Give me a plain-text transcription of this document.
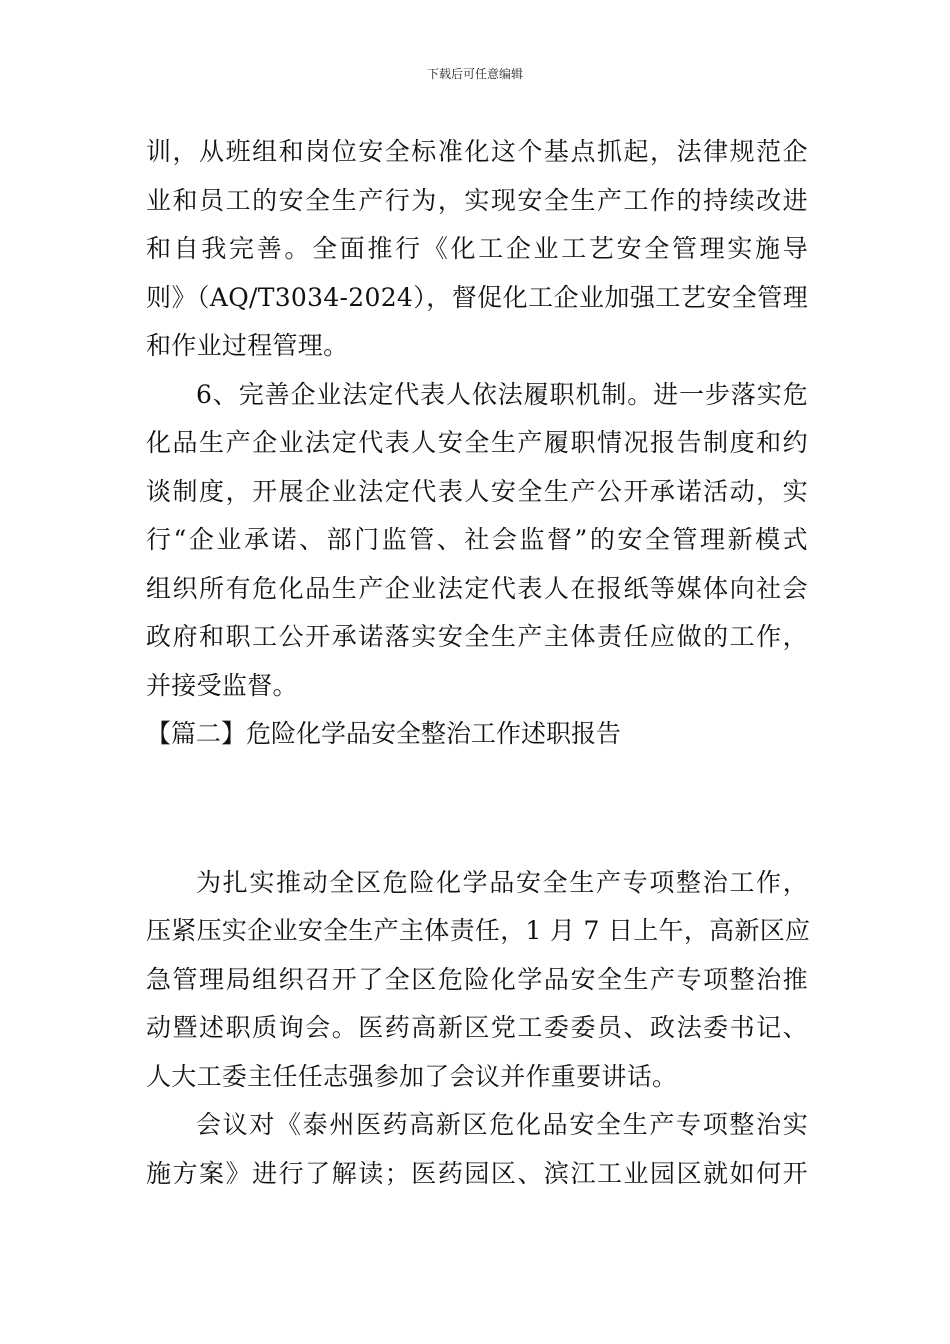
下载后可任意编辑
训，从班组和岗位安全标准化这个基点抓起，法律规范企
业和员工的安全生产行为，实现安全生产工作的持续改进
和自我完善。全面推行《化工企业工艺安全管理实施导
则》（AQ/T3034-2024），督促化工企业加强工艺安全管理
和作业过程管理。
6、完善企业法定代表人依法履职机制。进一步落实危
化品生产企业法定代表人安全生产履职情况报告制度和约
谈制度，开展企业法定代表人安全生产公开承诺活动，实
行“企业承诺、部门监管、社会监督”的安全管理新模式
组织所有危化品生产企业法定代表人在报纸等媒体向社会
政府和职工公开承诺落实安全生产主体责任应做的工作，
并接受监督。
【篇二】危险化学品安全整治工作述职报告
为扎实推动全区危险化学品安全生产专项整治工作，
压紧压实企业安全生产主体责任，1 月 7 日上午，高新区应
急管理局组织召开了全区危险化学品安全生产专项整治推
动暨述职质询会。医药高新区党工委委员、政法委书记、
人大工委主任任志强参加了会议并作重要讲话。
会议对《泰州医药高新区危化品安全生产专项整治实
施方案》进行了解读；医药园区、滨江工业园区就如何开
